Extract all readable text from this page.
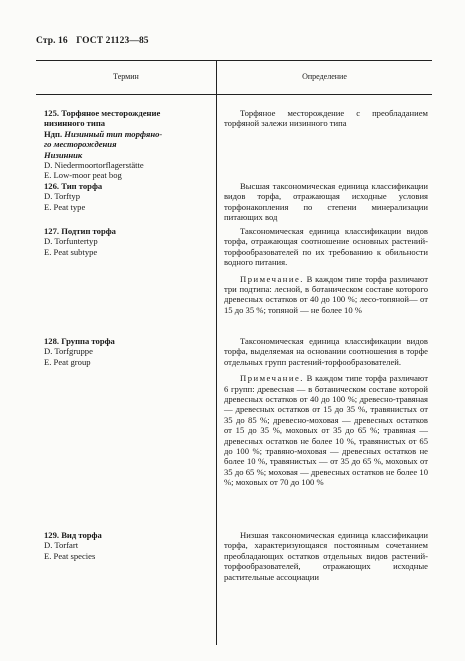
Стр. 16 ГОСТ 21123—85
Термин	Определение
125. Торфяное месторождение
низинного типа
Ндп. Низинный тип торфяно-
го месторождения
Низинник
D. Niedermoortorflagerstätte
E. Low-moor peat bog

Торфяное месторождение с преобладанием торфяной залежи низинного типа

126. Тип торфа
D. Torftyp
E. Peat type

Высшая таксономическая единица классификации видов торфа, отражающая исходные условия торфонакопления по степени минерализации питающих вод

127. Подтип торфа
D. Torfuntertyp
E. Peat subtype

Таксономическая единица классификации видов торфа, отражающая соотношение основных растений-торфообразователей по их требованию к обильности водного питания.

Примечание. В каждом типе торфа различают три подтипа: лесной, в ботаническом составе которого древесных остатков от 40 до 100 %; лесо-топяной— от 15 до 35 %; топяной — не более 10 %

128. Группа торфа
D. Torfgruppe
E. Peat group

Таксономическая единица классификации видов торфа, выделяемая на основании соотношения в торфе отдельных групп растений-торфообразователей.

Примечание. В каждом типе торфа различают 6 групп: древесная — в ботаническом составе которой древесных остатков от 40 до 100 %; древесно-травяная — древесных остатков от 15 до 35 %, травянистых от 35 до 85 %; древесно-моховая — древесных остатков от 15 до 35 %, моховых от 35 до 65 %; травяная — древесных остатков не более 10 %, травянистых от 65 до 100 %; травяно-моховая — древесных остатков не более 10 %, травянистых — от 35 до 65 %, моховых от 35 до 65 %; моховая — древесных остатков не более 10 %; моховых от 70 до 100 %

129. Вид торфа
D. Torfart
E. Peat species

Низшая таксономическая единица классификации торфа, характеризующаяся постоянным сочетанием преобладающих остатков отдельных видов растений-торфообразователей, отражающих исходные растительные ассоциации
